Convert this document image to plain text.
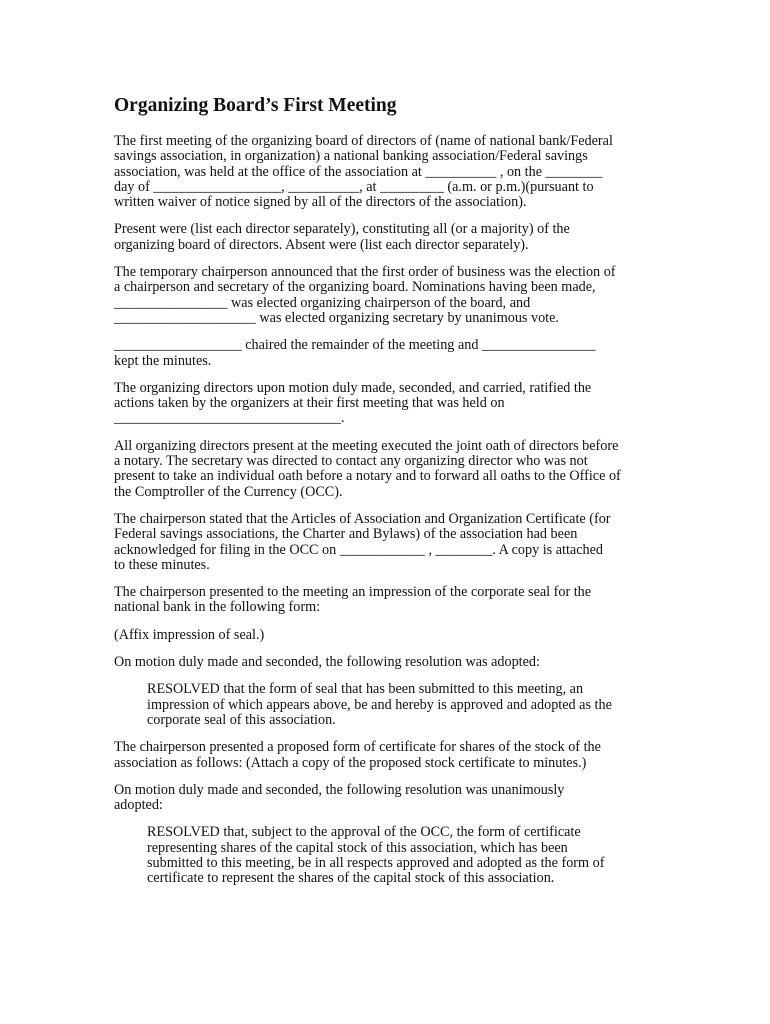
Organizing Board’s First Meeting

The first meeting of the organizing board of directors of (name of national bank/Federal
savings association, in organization) a national banking association/Federal savings
association, was held at the office of the association at __________ , on the ________
day of __________________, __________, at _________ (a.m. or p.m.)(pursuant to
written waiver of notice signed by all of the directors of the association).

Present were (list each director separately), constituting all (or a majority) of the
organizing board of directors. Absent were (list each director separately).

The temporary chairperson announced that the first order of business was the election of
a chairperson and secretary of the organizing board. Nominations having been made,
________________ was elected organizing chairperson of the board, and
____________________ was elected organizing secretary by unanimous vote.

__________________ chaired the remainder of the meeting and ________________
kept the minutes.

The organizing directors upon motion duly made, seconded, and carried, ratified the
actions taken by the organizers at their first meeting that was held on
________________________________.

All organizing directors present at the meeting executed the joint oath of directors before
a notary. The secretary was directed to contact any organizing director who was not
present to take an individual oath before a notary and to forward all oaths to the Office of
the Comptroller of the Currency (OCC).

The chairperson stated that the Articles of Association and Organization Certificate (for
Federal savings associations, the Charter and Bylaws) of the association had been
acknowledged for filing in the OCC on ____________ , ________. A copy is attached
to these minutes.

The chairperson presented to the meeting an impression of the corporate seal for the
national bank in the following form:

(Affix impression of seal.)

On motion duly made and seconded, the following resolution was adopted:

RESOLVED that the form of seal that has been submitted to this meeting, an
impression of which appears above, be and hereby is approved and adopted as the
corporate seal of this association.

The chairperson presented a proposed form of certificate for shares of the stock of the
association as follows: (Attach a copy of the proposed stock certificate to minutes.)

On motion duly made and seconded, the following resolution was unanimously
adopted:

RESOLVED that, subject to the approval of the OCC, the form of certificate
representing shares of the capital stock of this association, which has been
submitted to this meeting, be in all respects approved and adopted as the form of
certificate to represent the shares of the capital stock of this association.
